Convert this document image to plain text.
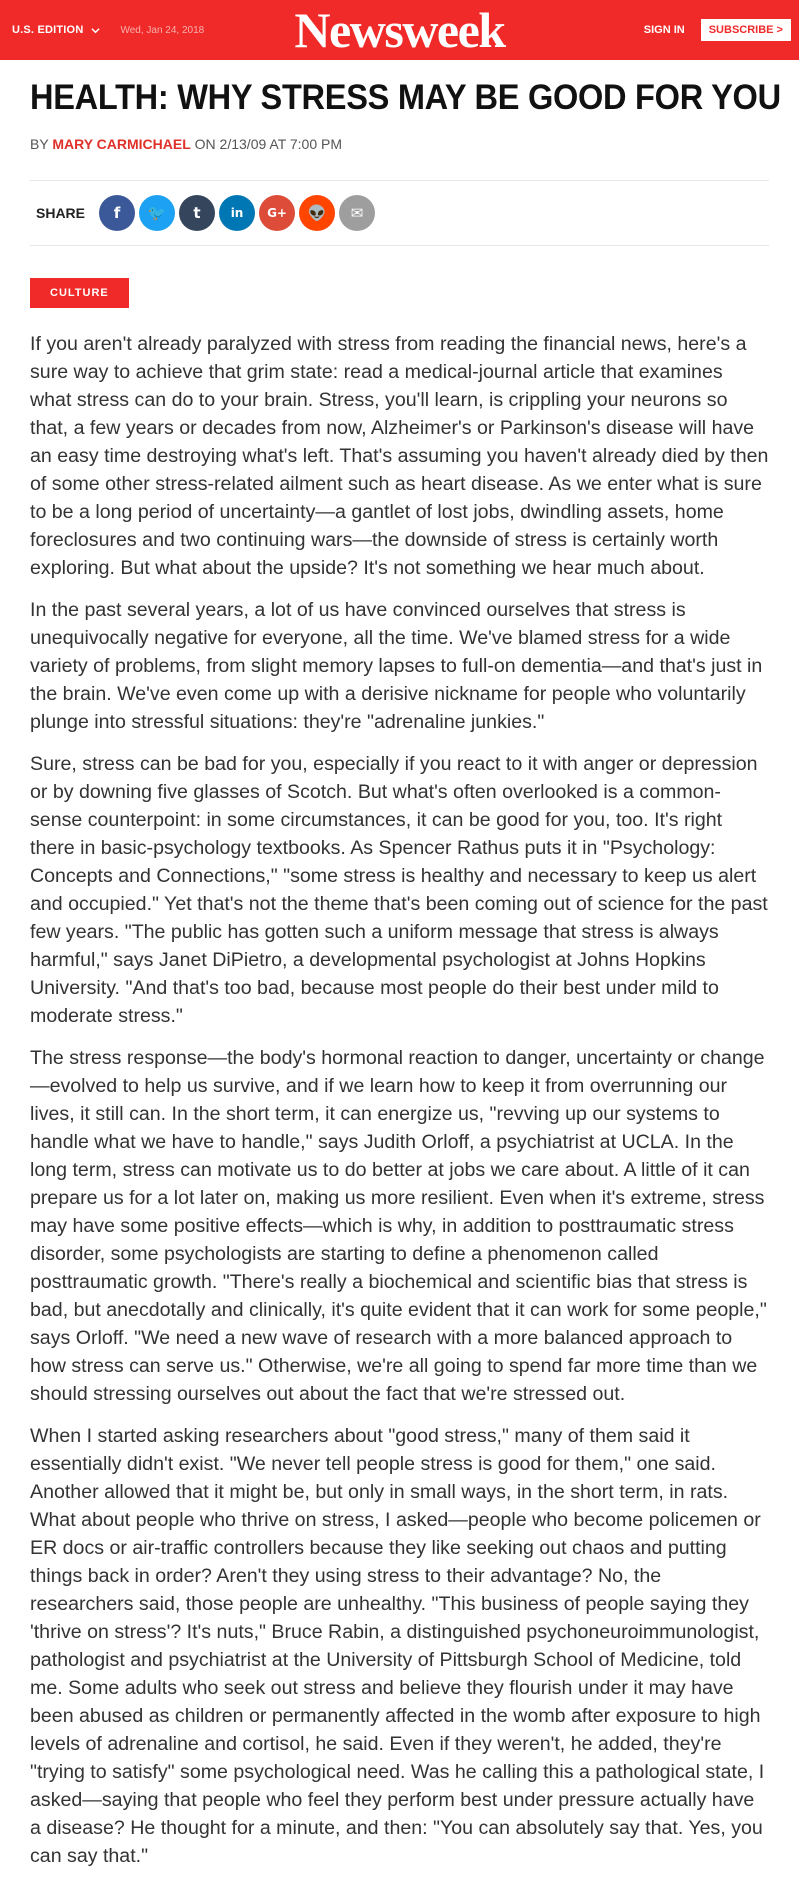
U.S. EDITION	Wed, Jan 24, 2018	Newsweek	SIGN IN	SUBSCRIBE >
HEALTH: WHY STRESS MAY BE GOOD FOR YOU
BY MARY CARMICHAEL ON 2/13/09 AT 7:00 PM
SHARE	f	🐦	t	in	G+	👽	✉
CULTURE

If you aren't already paralyzed with stress from reading the financial news, here's a sure way to achieve that grim state: read a medical-journal article that examines what stress can do to your brain. Stress, you'll learn, is crippling your neurons so that, a few years or decades from now, Alzheimer's or Parkinson's disease will have an easy time destroying what's left. That's assuming you haven't already died by then of some other stress-related ailment such as heart disease. As we enter what is sure to be a long period of uncertainty—a gantlet of lost jobs, dwindling assets, home foreclosures and two continuing wars—the downside of stress is certainly worth exploring. But what about the upside? It's not something we hear much about.

In the past several years, a lot of us have convinced ourselves that stress is unequivocally negative for everyone, all the time. We've blamed stress for a wide variety of problems, from slight memory lapses to full-on dementia—and that's just in the brain. We've even come up with a derisive nickname for people who voluntarily plunge into stressful situations: they're "adrenaline junkies."

Sure, stress can be bad for you, especially if you react to it with anger or depression or by downing five glasses of Scotch. But what's often overlooked is a common-sense counterpoint: in some circumstances, it can be good for you, too. It's right there in basic-psychology textbooks. As Spencer Rathus puts it in "Psychology: Concepts and Connections," "some stress is healthy and necessary to keep us alert and occupied." Yet that's not the theme that's been coming out of science for the past few years. "The public has gotten such a uniform message that stress is always harmful," says Janet DiPietro, a developmental psychologist at Johns Hopkins University. "And that's too bad, because most people do their best under mild to moderate stress."

The stress response—the body's hormonal reaction to danger, uncertainty or change—evolved to help us survive, and if we learn how to keep it from overrunning our lives, it still can. In the short term, it can energize us, "revving up our systems to handle what we have to handle," says Judith Orloff, a psychiatrist at UCLA. In the long term, stress can motivate us to do better at jobs we care about. A little of it can prepare us for a lot later on, making us more resilient. Even when it's extreme, stress may have some positive effects—which is why, in addition to posttraumatic stress disorder, some psychologists are starting to define a phenomenon called posttraumatic growth. "There's really a biochemical and scientific bias that stress is bad, but anecdotally and clinically, it's quite evident that it can work for some people," says Orloff. "We need a new wave of research with a more balanced approach to how stress can serve us." Otherwise, we're all going to spend far more time than we should stressing ourselves out about the fact that we're stressed out.

When I started asking researchers about "good stress," many of them said it essentially didn't exist. "We never tell people stress is good for them," one said. Another allowed that it might be, but only in small ways, in the short term, in rats. What about people who thrive on stress, I asked—people who become policemen or ER docs or air-traffic controllers because they like seeking out chaos and putting things back in order? Aren't they using stress to their advantage? No, the researchers said, those people are unhealthy. "This business of people saying they 'thrive on stress'? It's nuts," Bruce Rabin, a distinguished psychoneuroimmunologist, pathologist and psychiatrist at the University of Pittsburgh School of Medicine, told me. Some adults who seek out stress and believe they flourish under it may have been abused as children or permanently affected in the womb after exposure to high levels of adrenaline and cortisol, he said. Even if they weren't, he added, they're "trying to satisfy" some psychological need. Was he calling this a pathological state, I asked—saying that people who feel they perform best under pressure actually have a disease? He thought for a minute, and then: "You can absolutely say that. Yes, you can say that."
